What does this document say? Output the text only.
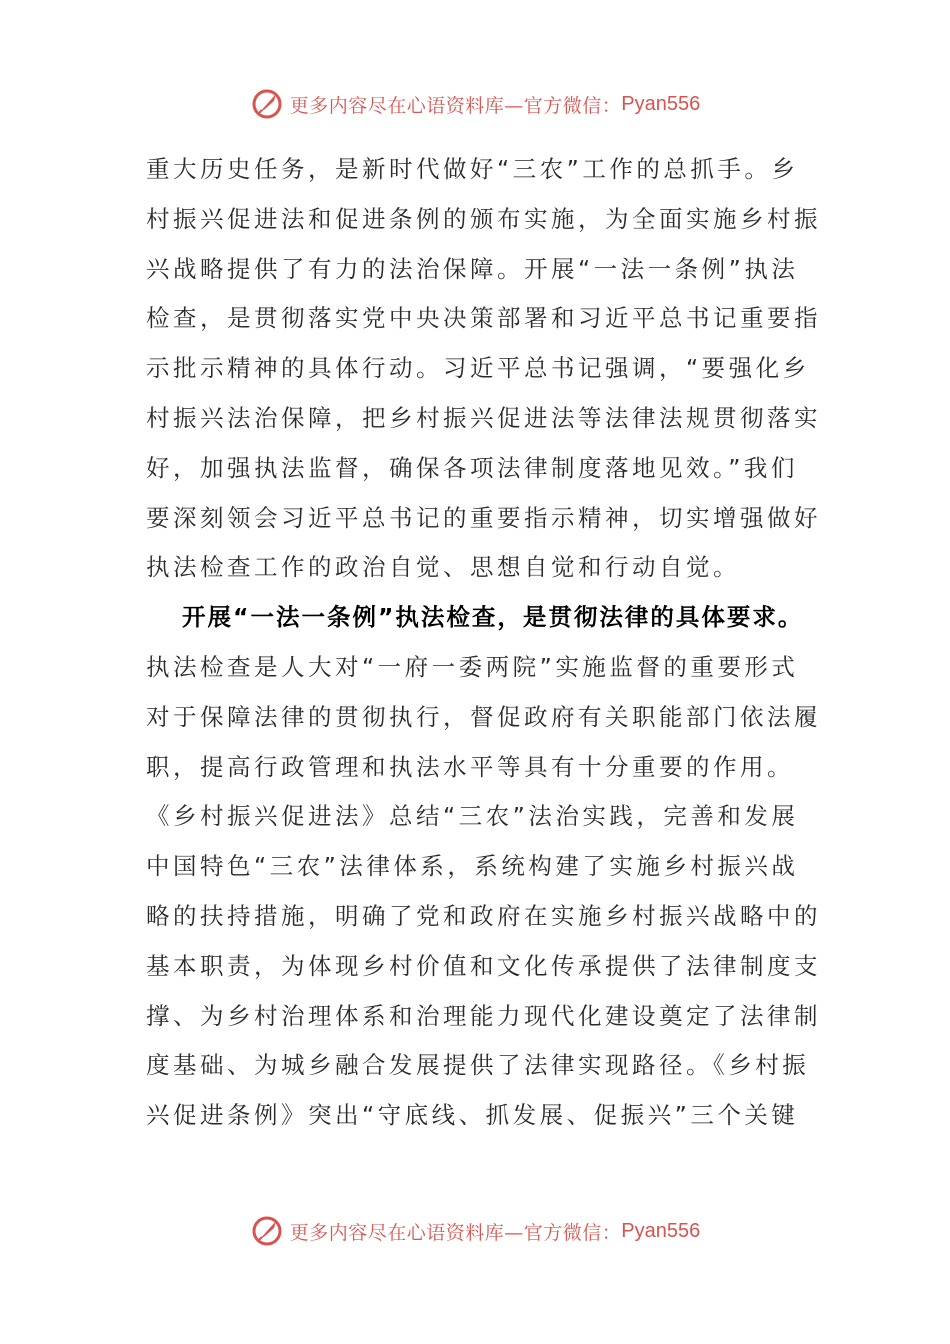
更多内容尽在心语资料库—官方微信： Pyan556
重大历史任务，是新时代做好“三农”工作的总抓手。乡
村振兴促进法和促进条例的颁布实施，为全面实施乡村振
兴战略提供了有力的法治保障。开展“一法一条例”执法
检查，是贯彻落实党中央决策部署和习近平总书记重要指
示批示精神的具体行动。习近平总书记强调，“要强化乡
村振兴法治保障，把乡村振兴促进法等法律法规贯彻落实
好，加强执法监督，确保各项法律制度落地见效。”我们
要深刻领会习近平总书记的重要指示精神，切实增强做好
执法检查工作的政治自觉、思想自觉和行动自觉。
开展“一法一条例”执法检查，是贯彻法律的具体要求。
执法检查是人大对“一府一委两院”实施监督的重要形式
对于保障法律的贯彻执行，督促政府有关职能部门依法履
职，提高行政管理和执法水平等具有十分重要的作用。
《乡村振兴促进法》总结“三农”法治实践，完善和发展
中国特色“三农”法律体系，系统构建了实施乡村振兴战
略的扶持措施，明确了党和政府在实施乡村振兴战略中的
基本职责，为体现乡村价值和文化传承提供了法律制度支
撑、为乡村治理体系和治理能力现代化建设奠定了法律制
度基础、为城乡融合发展提供了法律实现路径。《乡村振
兴促进条例》突出“守底线、抓发展、促振兴”三个关键
更多内容尽在心语资料库—官方微信： Pyan556
